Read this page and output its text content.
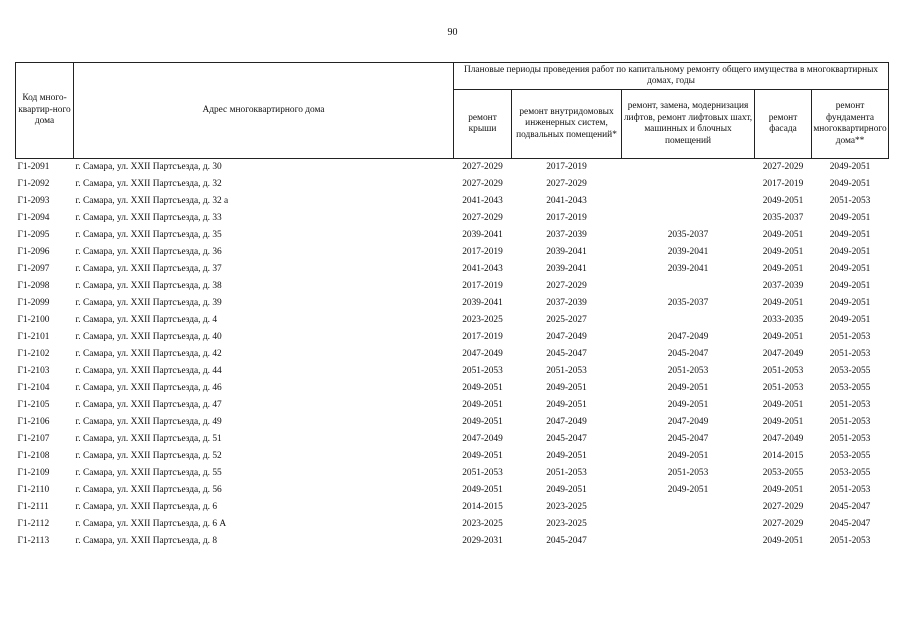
90
Код много-квартир-ного дома	Адрес многоквартирного дома	Плановые периоды проведения работ по капитальному ремонту общего имущества в многоквартирных домах, годы				
		ремонт крыши	ремонт внутридомовых инженерных систем, подвальных помещений*	ремонт, замена, модернизация лифтов, ремонт лифтовых шахт, машинных и блочных помещений	ремонт фасада	ремонт фундамента многоквартирного дома**
Г1-2091	г. Самара, ул. XXII Партсъезда, д. 30	2027-2029	2017-2019		2027-2029	2049-2051
Г1-2092	г. Самара, ул. XXII Партсъезда, д. 32	2027-2029	2027-2029		2017-2019	2049-2051
Г1-2093	г. Самара, ул. XXII Партсъезда, д. 32 а	2041-2043	2041-2043		2049-2051	2051-2053
Г1-2094	г. Самара, ул. XXII Партсъезда, д. 33	2027-2029	2017-2019		2035-2037	2049-2051
Г1-2095	г. Самара, ул. XXII Партсъезда, д. 35	2039-2041	2037-2039	2035-2037	2049-2051	2049-2051
Г1-2096	г. Самара, ул. XXII Партсъезда, д. 36	2017-2019	2039-2041	2039-2041	2049-2051	2049-2051
Г1-2097	г. Самара, ул. XXII Партсъезда, д. 37	2041-2043	2039-2041	2039-2041	2049-2051	2049-2051
Г1-2098	г. Самара, ул. XXII Партсъезда, д. 38	2017-2019	2027-2029		2037-2039	2049-2051
Г1-2099	г. Самара, ул. XXII Партсъезда, д. 39	2039-2041	2037-2039	2035-2037	2049-2051	2049-2051
Г1-2100	г. Самара, ул. XXII Партсъезда, д. 4	2023-2025	2025-2027		2033-2035	2049-2051
Г1-2101	г. Самара, ул. XXII Партсъезда, д. 40	2017-2019	2047-2049	2047-2049	2049-2051	2051-2053
Г1-2102	г. Самара, ул. XXII Партсъезда, д. 42	2047-2049	2045-2047	2045-2047	2047-2049	2051-2053
Г1-2103	г. Самара, ул. XXII Партсъезда, д. 44	2051-2053	2051-2053	2051-2053	2051-2053	2053-2055
Г1-2104	г. Самара, ул. XXII Партсъезда, д. 46	2049-2051	2049-2051	2049-2051	2051-2053	2053-2055
Г1-2105	г. Самара, ул. XXII Партсъезда, д. 47	2049-2051	2049-2051	2049-2051	2049-2051	2051-2053
Г1-2106	г. Самара, ул. XXII Партсъезда, д. 49	2049-2051	2047-2049	2047-2049	2049-2051	2051-2053
Г1-2107	г. Самара, ул. XXII Партсъезда, д. 51	2047-2049	2045-2047	2045-2047	2047-2049	2051-2053
Г1-2108	г. Самара, ул. XXII Партсъезда, д. 52	2049-2051	2049-2051	2049-2051	2014-2015	2053-2055
Г1-2109	г. Самара, ул. XXII Партсъезда, д. 55	2051-2053	2051-2053	2051-2053	2053-2055	2053-2055
Г1-2110	г. Самара, ул. XXII Партсъезда, д. 56	2049-2051	2049-2051	2049-2051	2049-2051	2051-2053
Г1-2111	г. Самара, ул. XXII Партсъезда, д. 6	2014-2015	2023-2025		2027-2029	2045-2047
Г1-2112	г. Самара, ул. XXII Партсъезда, д. 6 А	2023-2025	2023-2025		2027-2029	2045-2047
Г1-2113	г. Самара, ул. XXII Партсъезда, д. 8	2029-2031	2045-2047		2049-2051	2051-2053
